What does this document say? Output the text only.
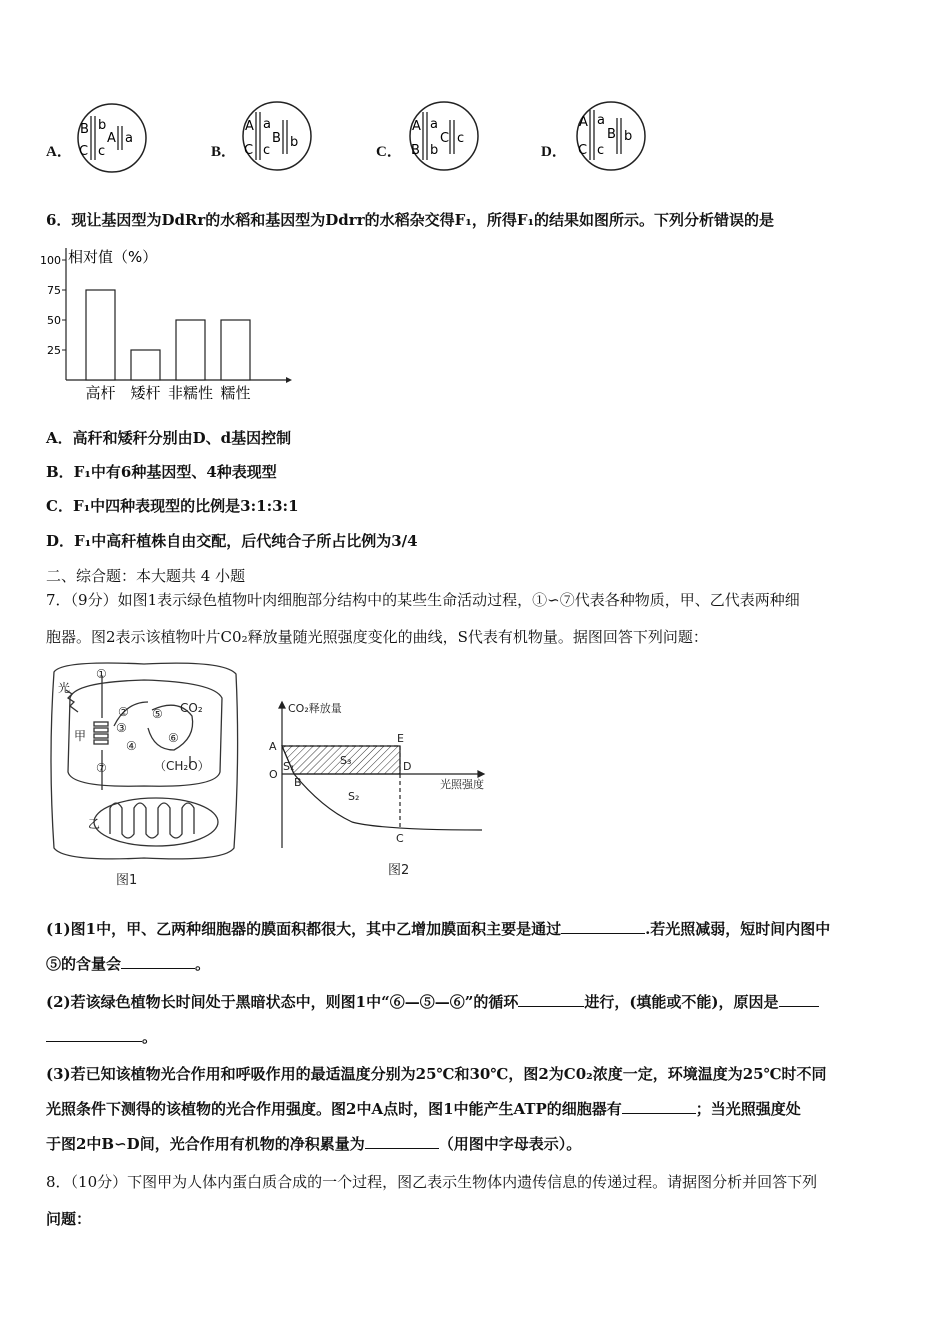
A．
B b
C c
A a
B．
A a
B b
C c	C．
A a
C c
B b	D．
A a
B b
C c
6．现让基因型为DdRr的水稻和基因型为Ddrr的水稻杂交得F₁，所得F₁的结果如图所示。下列分析错误的是
相对值（%）
100
75
50
25
高杆 矮杆 非糯性 糯性
A．高秆和矮秆分别由D、d基因控制
B．F₁中有6种基因型、4种表现型
C．F₁中四种表现型的比例是3:1:3:1
D．F₁中高秆植株自由交配，后代纯合子所占比例为3/4
二、综合题：本大题共 4 小题
7．（9分）如图1表示绿色植物叶肉细胞部分结构中的某些生命活动过程，①∽⑦代表各种物质，甲、乙代表两种细
胞器。图2表示该植物叶片C0₂释放量随光照强度变化的曲线，S代表有机物量。据图回答下列问题：
光
①
②
③
④
⑤
⑥
⑦
CO₂
（CH₂O）
甲
乙
图1
CO₂释放量
光照强度
A
B
C
D
E
O
S₁
S₂
S₃
图2
(1)图1中，甲、乙两种细胞器的膜面积都很大，其中乙增加膜面积主要是通过	.若光照减弱，短时间内图中
⑤的含量会	。
(2)若该绿色植物长时间处于黑暗状态中，则图1中“⑥—⑤—⑥”的循环	进行，(填能或不能)，原因是
。
(3)若已知该植物光合作用和呼吸作用的最适温度分别为25℃和30℃，图2为C0₂浓度一定，环境温度为25℃时不同
光照条件下测得的该植物的光合作用强度。图2中A点时，图1中能产生ATP的细胞器有	；当光照强度处
于图2中B∽D间，光合作用有机物的净积累量为	（用图中字母表示）。
8．（10分）下图甲为人体内蛋白质合成的一个过程，图乙表示生物体内遗传信息的传递过程。请据图分析并回答下列
问题：
